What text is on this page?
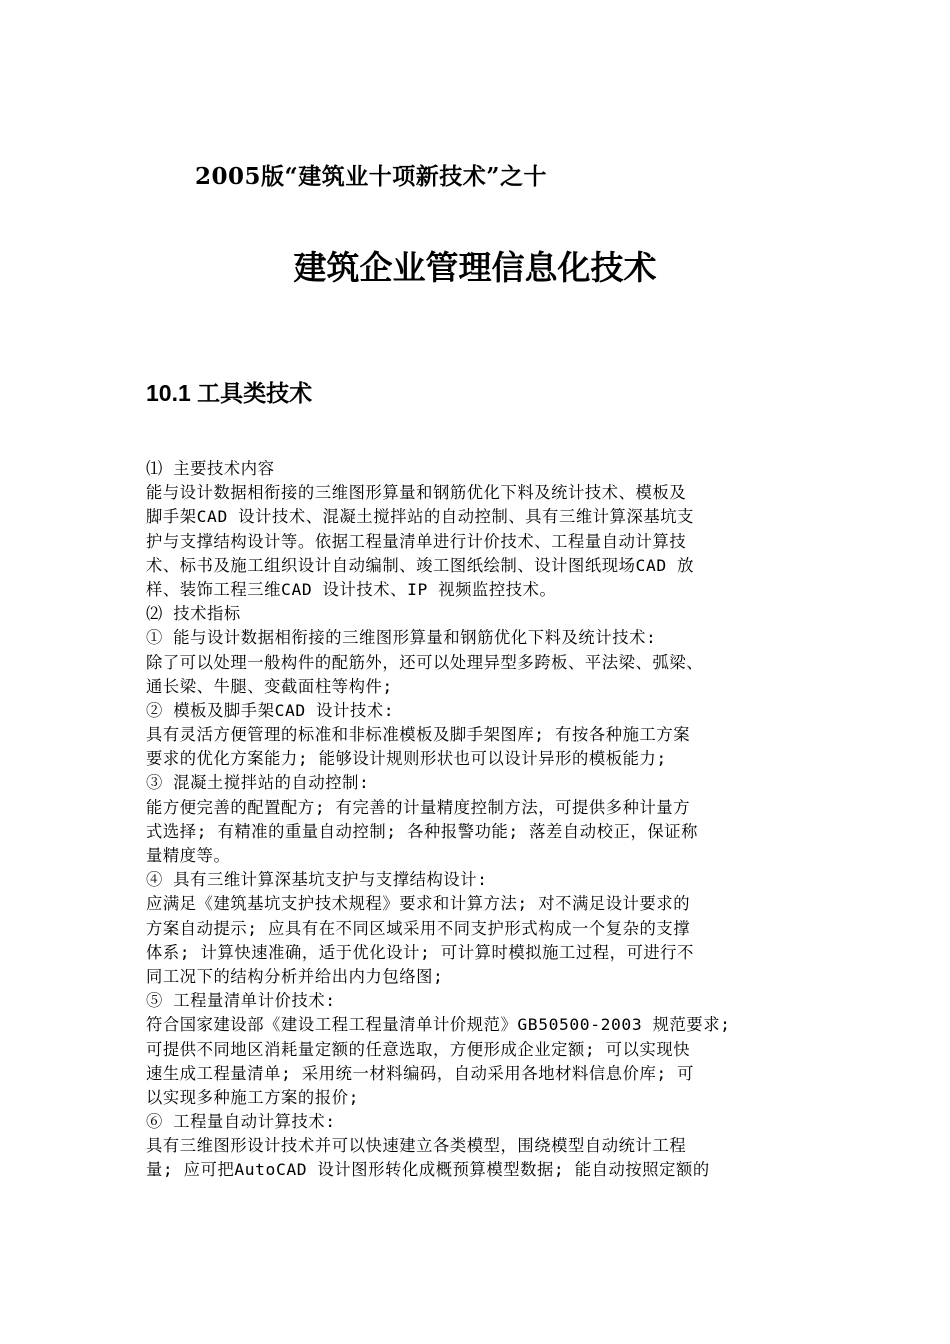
2005版“建筑业十项新技术”之十
建筑企业管理信息化技术
10.1 工具类技术
⑴ 主要技术内容
能与设计数据相衔接的三维图形算量和钢筋优化下料及统计技术、模板及
脚手架CAD 设计技术、混凝土搅拌站的自动控制、具有三维计算深基坑支
护与支撑结构设计等。依据工程量清单进行计价技术、工程量自动计算技
术、标书及施工组织设计自动编制、竣工图纸绘制、设计图纸现场CAD 放
样、装饰工程三维CAD 设计技术、IP 视频监控技术。
⑵ 技术指标
① 能与设计数据相衔接的三维图形算量和钢筋优化下料及统计技术:
除了可以处理一般构件的配筋外，还可以处理异型多跨板、平法梁、弧梁、
通长梁、牛腿、变截面柱等构件;
② 模板及脚手架CAD 设计技术:
具有灵活方便管理的标准和非标准模板及脚手架图库; 有按各种施工方案
要求的优化方案能力; 能够设计规则形状也可以设计异形的模板能力;
③ 混凝土搅拌站的自动控制:
能方便完善的配置配方; 有完善的计量精度控制方法，可提供多种计量方
式选择; 有精准的重量自动控制; 各种报警功能; 落差自动校正，保证称
量精度等。
④ 具有三维计算深基坑支护与支撑结构设计:
应满足《建筑基坑支护技术规程》要求和计算方法; 对不满足设计要求的
方案自动提示; 应具有在不同区域采用不同支护形式构成一个复杂的支撑
体系; 计算快速准确，适于优化设计; 可计算时模拟施工过程，可进行不
同工况下的结构分析并给出内力包络图;
⑤ 工程量清单计价技术:
符合国家建设部《建设工程工程量清单计价规范》GB50500-2003 规范要求;
可提供不同地区消耗量定额的任意选取，方便形成企业定额; 可以实现快
速生成工程量清单; 采用统一材料编码，自动采用各地材料信息价库; 可
以实现多种施工方案的报价;
⑥ 工程量自动计算技术:
具有三维图形设计技术并可以快速建立各类模型，围绕模型自动统计工程
量; 应可把AutoCAD 设计图形转化成概预算模型数据; 能自动按照定额的
